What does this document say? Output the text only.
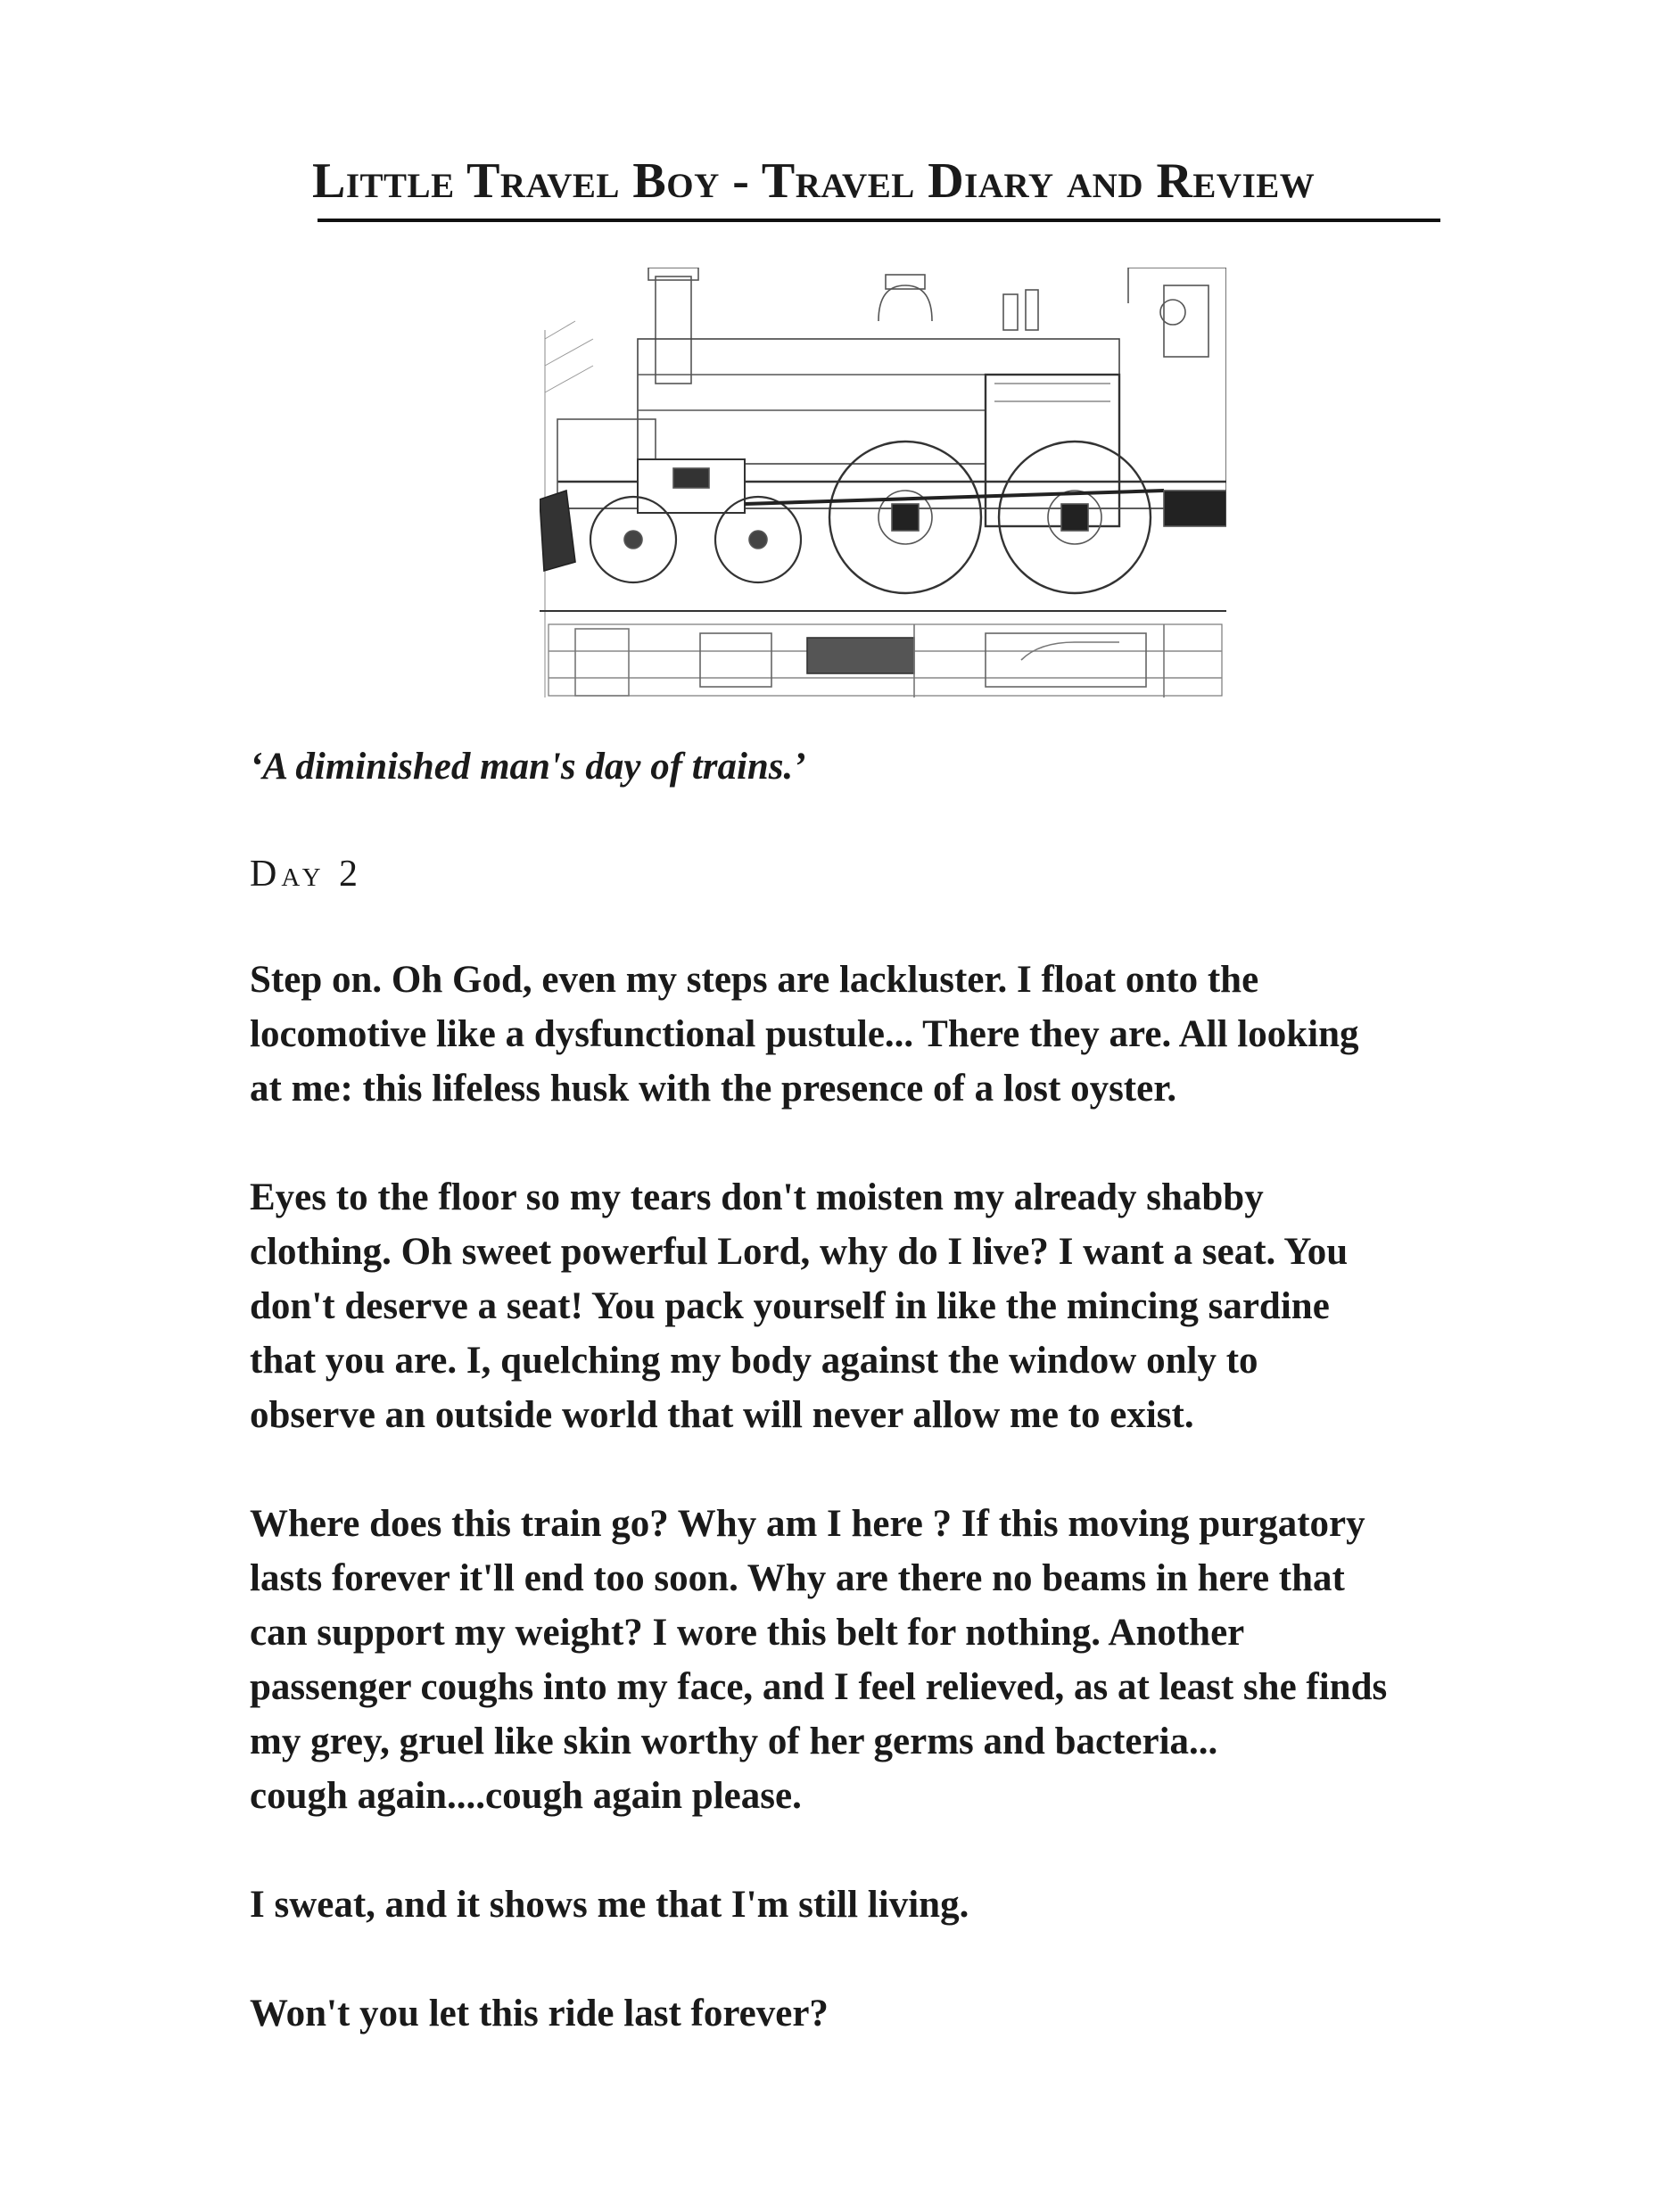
Little Travel Boy - Travel Diary and Review

‘A diminished man's day of trains.’

Day 2

Step on. Oh God, even my steps are lackluster. I float onto the
locomotive like a dysfunctional pustule... There they are. All looking
at me: this lifeless husk with the presence of a lost oyster.

Eyes to the floor so my tears don't moisten my already shabby
clothing. Oh sweet powerful Lord, why do I live? I want a seat. You
don't deserve a seat! You pack yourself in like the mincing sardine
that you are. I, quelching my body against the window only to
observe an outside world that will never allow me to exist.

Where does this train go? Why am I here ? If this moving purgatory
lasts forever it'll end too soon. Why are there no beams in here that
can support my weight? I wore this belt for nothing. Another
passenger coughs into my face, and I feel relieved, as at least she finds
my grey, gruel like skin worthy of her germs and bacteria...
cough again....cough again please.

I sweat, and it shows me that I'm still living.

Won't you let this ride last forever?
